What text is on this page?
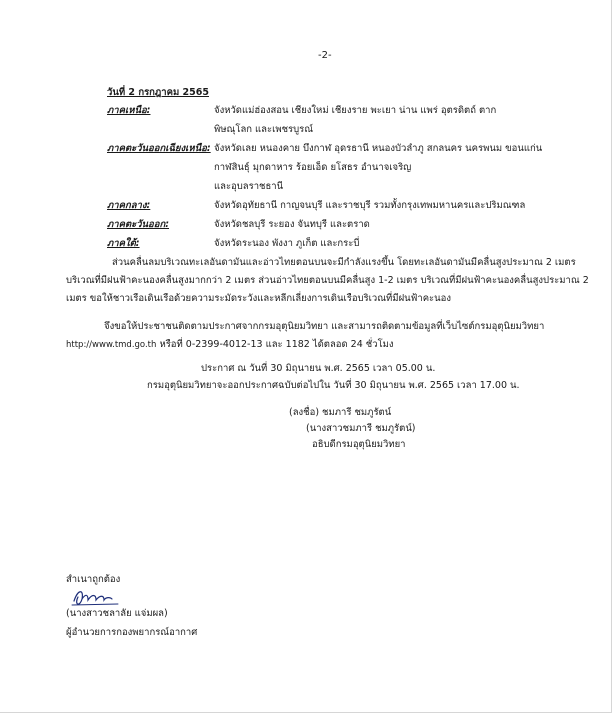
-2-
วันที่ 2 กรกฎาคม 2565
ภาคเหนือ:	จังหวัดแม่ฮ่องสอน เชียงใหม่ เชียงราย พะเยา น่าน แพร่ อุตรดิตถ์ ตาก
พิษณุโลก และเพชรบูรณ์
ภาคตะวันออกเฉียงเหนือ: จังหวัดเลย หนองคาย บึงกาฬ อุดรธานี หนองบัวลำภู สกลนคร นครพนม ขอนแก่น
กาฬสินธุ์ มุกดาหาร ร้อยเอ็ด ยโสธร อำนาจเจริญ
และอุบลราชธานี
ภาคกลาง:	จังหวัดอุทัยธานี กาญจนบุรี และราชบุรี รวมทั้งกรุงเทพมหานครและปริมณฑล
ภาคตะวันออก:	จังหวัดชลบุรี ระยอง จันทบุรี และตราด
ภาคใต้:	จังหวัดระนอง พังงา ภูเก็ต และกระบี่
ส่วนคลื่นลมบริเวณทะเลอันดามันและอ่าวไทยตอนบนจะมีกำลังแรงขึ้น โดยทะเลอันดามันมีคลื่นสูงประมาณ 2 เมตร
บริเวณที่มีฝนฟ้าคะนองคลื่นสูงมากกว่า 2 เมตร ส่วนอ่าวไทยตอนบนมีคลื่นสูง 1-2 เมตร บริเวณที่มีฝนฟ้าคะนองคลื่นสูงประมาณ 2
เมตร ขอให้ชาวเรือเดินเรือด้วยความระมัดระวังและหลีกเลี่ยงการเดินเรือบริเวณที่มีฝนฟ้าคะนอง
จึงขอให้ประชาชนติดตามประกาศจากกรมอุตุนิยมวิทยา และสามารถติดตามข้อมูลที่เว็บไซต์กรมอุตุนิยมวิทยา
http://www.tmd.go.th หรือที่ 0-2399-4012-13 และ 1182 ได้ตลอด 24 ชั่วโมง
ประกาศ ณ วันที่ 30 มิถุนายน พ.ศ. 2565 เวลา 05.00 น.
กรมอุตุนิยมวิทยาจะออกประกาศฉบับต่อไปใน วันที่ 30 มิถุนายน พ.ศ. 2565 เวลา 17.00 น.
(ลงชื่อ) ชมภารี ชมภูรัตน์
(นางสาวชมภารี ชมภูรัตน์)
อธิบดีกรมอุตุนิยมวิทยา
สำเนาถูกต้อง
(นางสาวชลาลัย แจ่มผล)
ผู้อำนวยการกองพยากรณ์อากาศ
